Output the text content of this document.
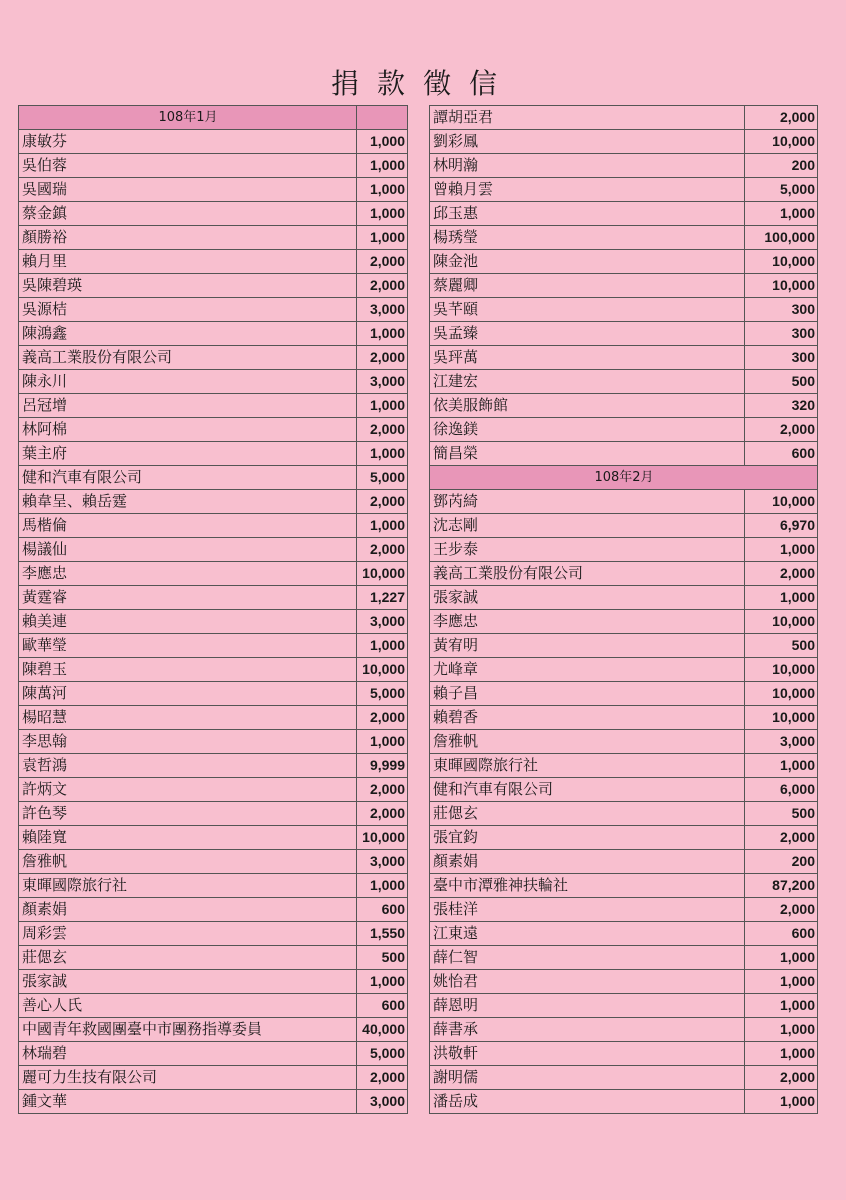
捐款徵信
108年1月	
康敏芬	1,000
吳伯蓉	1,000
吳國瑞	1,000
蔡金鎮	1,000
顏勝裕	1,000
賴月里	2,000
吳陳碧瑛	2,000
吳源桔	3,000
陳鴻鑫	1,000
義高工業股份有限公司	2,000
陳永川	3,000
呂冠增	1,000
林阿棉	2,000
葉主府	1,000
健和汽車有限公司	5,000
賴韋呈、賴岳霆	2,000
馬楷倫	1,000
楊議仙	2,000
李應忠	10,000
黃霆睿	1,227
賴美連	3,000
歐華瑩	1,000
陳碧玉	10,000
陳萬河	5,000
楊昭慧	2,000
李思翰	1,000
袁哲鴻	9,999
許炳文	2,000
許色琴	2,000
賴陸寬	10,000
詹雅帆	3,000
東暉國際旅行社	1,000
顏素娟	600
周彩雲	1,550
莊偲玄	500
張家誠	1,000
善心人氏	600
中國青年救國團臺中市團務指導委員	40,000
林瑞碧	5,000
麗可力生技有限公司	2,000
鍾文華	3,000
譚胡亞君	2,000
劉彩鳳	10,000
林明瀚	200
曾賴月雲	5,000
邱玉惠	1,000
楊琇瑩	100,000
陳金池	10,000
蔡麗卿	10,000
吳芊頤	300
吳孟臻	300
吳玶萬	300
江建宏	500
依美服飾館	320
徐逸鎂	2,000
簡昌榮	600
108年2月	
鄧芮綺	10,000
沈志剛	6,970
王步泰	1,000
義高工業股份有限公司	2,000
張家誠	1,000
李應忠	10,000
黃宥明	500
尤峰章	10,000
賴子昌	10,000
賴碧香	10,000
詹雅帆	3,000
東暉國際旅行社	1,000
健和汽車有限公司	6,000
莊偲玄	500
張宜鈞	2,000
顏素娟	200
臺中市潭雅神扶輪社	87,200
張桂洋	2,000
江東遠	600
薛仁智	1,000
姚怡君	1,000
薛恩明	1,000
薛書承	1,000
洪敬軒	1,000
謝明儒	2,000
潘岳成	1,000
